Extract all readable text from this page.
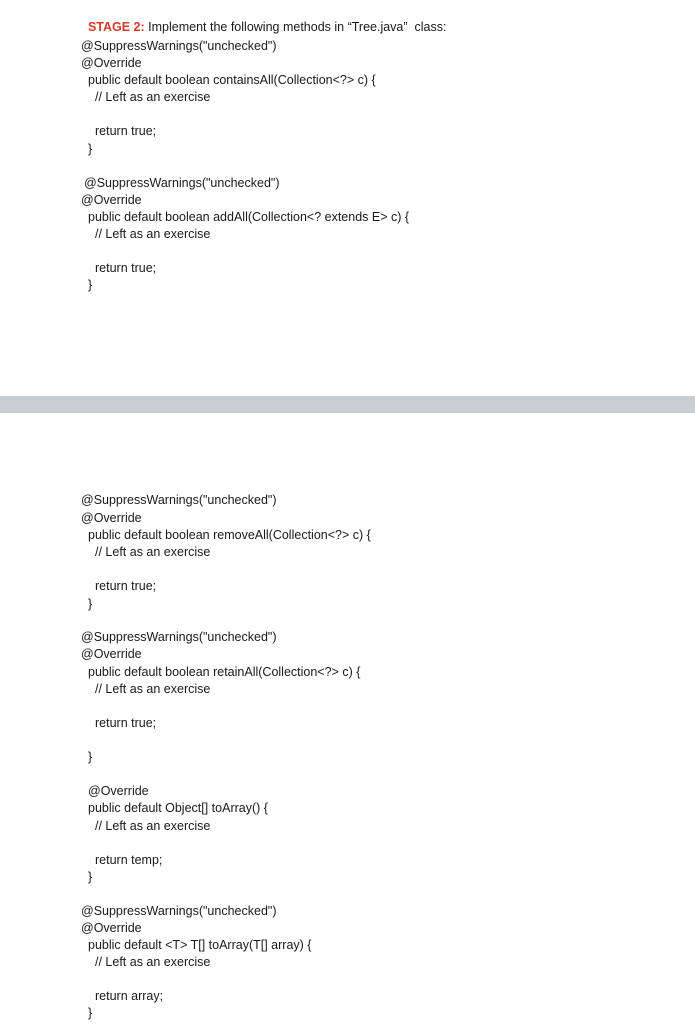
STAGE 2: Implement the following methods in “Tree.java”  class:

@SuppressWarnings("unchecked")
@Override
public default boolean containsAll(Collection<?> c) {
// Left as an exercise
return true;
}
@SuppressWarnings("unchecked")
@Override
public default boolean addAll(Collection<? extends E> c) {
// Left as an exercise
return true;
}
@SuppressWarnings("unchecked")
@Override
public default boolean removeAll(Collection<?> c) {
// Left as an exercise
return true;
}
@SuppressWarnings("unchecked")
@Override
public default boolean retainAll(Collection<?> c) {
// Left as an exercise
return true;
}
@Override
public default Object[] toArray() {
// Left as an exercise
return temp;
}
@SuppressWarnings("unchecked")
@Override
public default <T> T[] toArray(T[] array) {
// Left as an exercise
return array;
}
